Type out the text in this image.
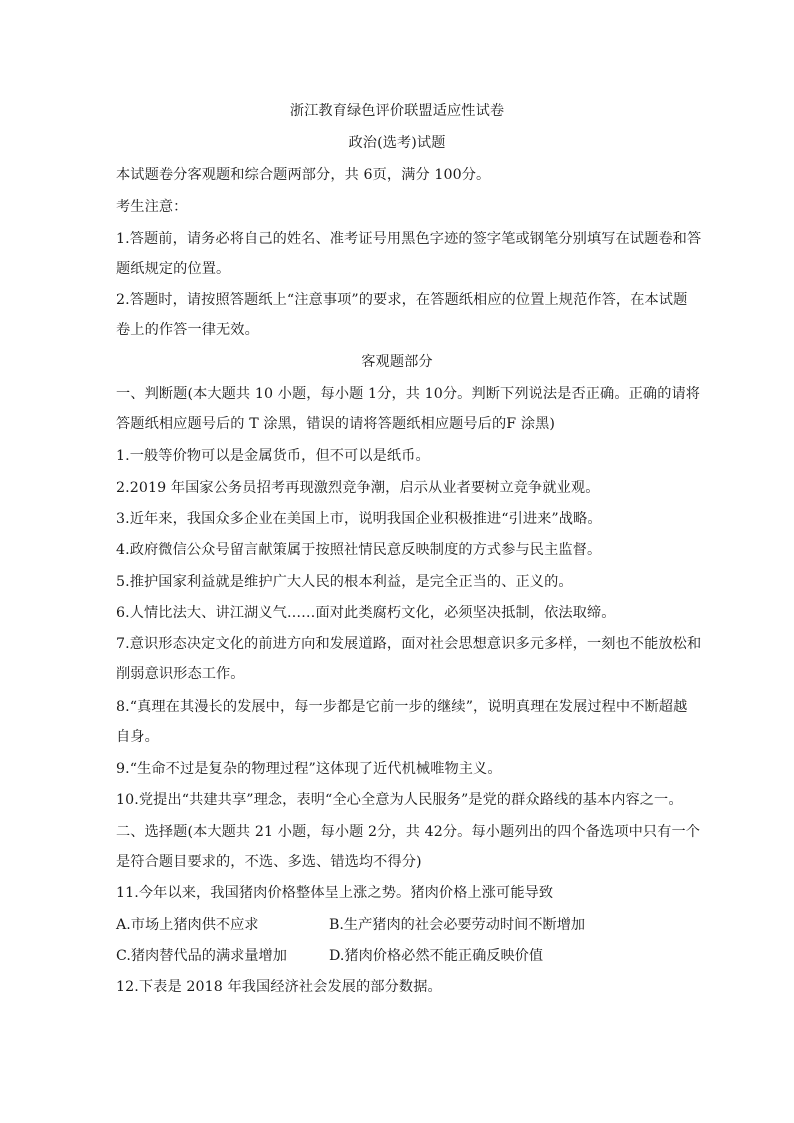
浙江教育绿色评价联盟适应性试卷
政治(选考)试题
本试题卷分客观题和综合题两部分，共 6页，满分 100分。
考生注意：
1.答题前，请务必将自己的姓名、准考证号用黑色字迹的签字笔或钢笔分别填写在试题卷和答
题纸规定的位置。
2.答题时，请按照答题纸上“注意事项”的要求，在答题纸相应的位置上规范作答，在本试题
卷上的作答一律无效。
客观题部分
一、判断题(本大题共 10 小题，每小题 1分，共 10分。判断下列说法是否正确。正确的请将
答题纸相应题号后的 T 涂黑，错误的请将答题纸相应题号后的F 涂黑)
1.一般等价物可以是金属货币，但不可以是纸币。
2.2019 年国家公务员招考再现激烈竞争潮，启示从业者要树立竞争就业观。
3.近年来，我国众多企业在美国上市，说明我国企业积极推进“引进来”战略。
4.政府微信公众号留言献策属于按照社情民意反映制度的方式参与民主监督。
5.推护国家利益就是维护广大人民的根本利益，是完全正当的、正义的。
6.人情比法大、讲江湖义气……面对此类腐朽文化，必须坚决抵制，依法取缔。
7.意识形态决定文化的前进方向和发展道路，面对社会思想意识多元多样，一刻也不能放松和
削弱意识形态工作。
8.“真理在其漫长的发展中，每一步都是它前一步的继续”，说明真理在发展过程中不断超越
自身。
9.“生命不过是复杂的物理过程”这体现了近代机械唯物主义。
10.党提出“共建共享”理念，表明“全心全意为人民服务”是党的群众路线的基本内容之一。
二、选择题(本大题共 21 小题，每小题 2分，共 42分。每小题列出的四个备选项中只有一个
是符合题目要求的，不选、多选、错选均不得分)
11.今年以来，我国猪肉价格整体呈上涨之势。猪肉价格上涨可能导致
A.市场上猪肉供不应求	B.生产猪肉的社会必要劳动时间不断增加
C.猪肉替代品的满求量增加	D.猪肉价格必然不能正确反映价值
12.下表是 2018 年我国经济社会发展的部分数据。
